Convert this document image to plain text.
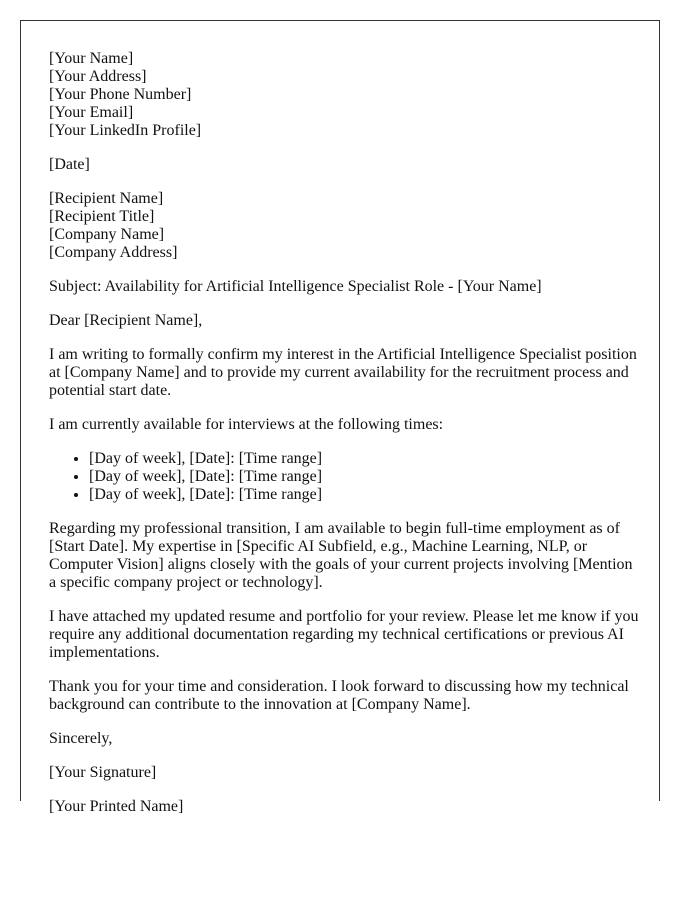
[Your Name]
[Your Address]
[Your Phone Number]
[Your Email]
[Your LinkedIn Profile]

[Date]

[Recipient Name]
[Recipient Title]
[Company Name]
[Company Address]

Subject: Availability for Artificial Intelligence Specialist Role - [Your Name]

Dear [Recipient Name],

I am writing to formally confirm my interest in the Artificial Intelligence Specialist position at [Company Name] and to provide my current availability for the recruitment process and potential start date.

I am currently available for interviews at the following times:

• [Day of week], [Date]: [Time range]
• [Day of week], [Date]: [Time range]
• [Day of week], [Date]: [Time range]

Regarding my professional transition, I am available to begin full-time employment as of [Start Date]. My expertise in [Specific AI Subfield, e.g., Machine Learning, NLP, or Computer Vision] aligns closely with the goals of your current projects involving [Mention a specific company project or technology].

I have attached my updated resume and portfolio for your review. Please let me know if you require any additional documentation regarding my technical certifications or previous AI implementations.

Thank you for your time and consideration. I look forward to discussing how my technical background can contribute to the innovation at [Company Name].

Sincerely,

[Your Signature]

[Your Printed Name]
